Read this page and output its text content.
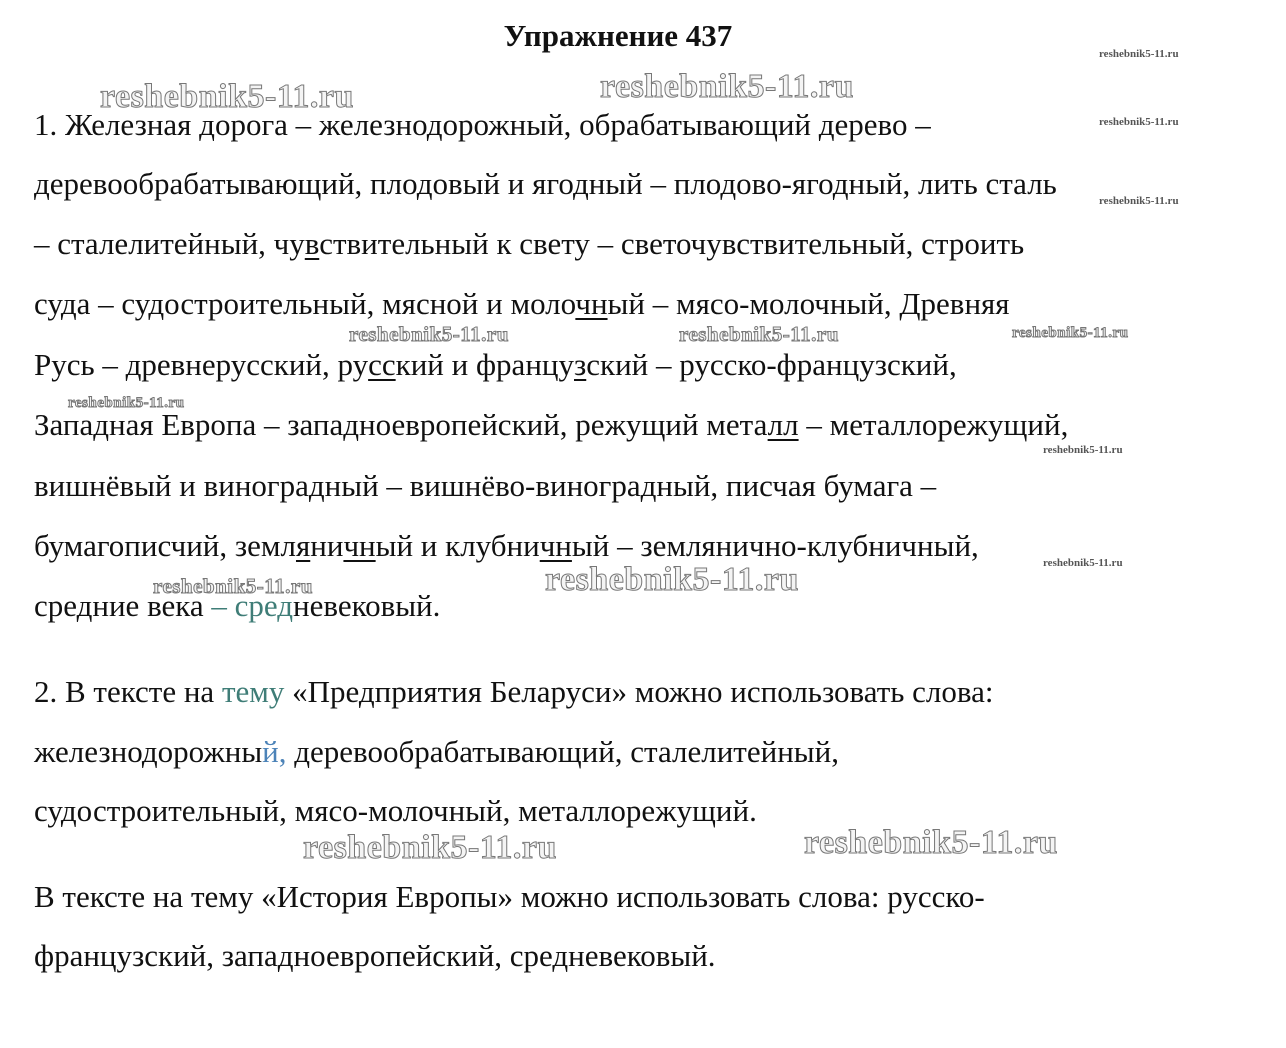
Упражнение 437
1. Железная дорога – железнодорожный, обрабатывающий дерево –
деревообрабатывающий, плодовый и ягодный – плодово-ягодный, лить сталь
– сталелитейный, чувствительный к свету – светочувствительный, строить
суда – судостроительный, мясной и молочный – мясо-молочный, Древняя
Русь – древнерусский, русский и французский – русско-французский,
Западная Европа – западноевропейский, режущий металл – металлорежущий,
вишнёвый и виноградный – вишнёво-виноградный, писчая бумага –
бумагописчий, земляничный и клубничный – землянично-клубничный,
средние века – средневековый.
2. В тексте на тему «Предприятия Беларуси» можно использовать слова:
железнодорожный, деревообрабатывающий, сталелитейный,
судостроительный, мясо-молочный, металлорежущий.
В тексте на тему «История Европы» можно использовать слова: русско-
французский, западноевропейский, средневековый.
reshebnik5-11.ru	reshebnik5-11.ru
reshebnik5-11.ru
reshebnik5-11.ru	reshebnik5-11.ru
reshebnik5-11.ru	reshebnik5-11.ru
reshebnik5-11.ru
reshebnik5-11.ru
reshebnik5-11.ru
reshebnik5-11.ru
reshebnik5-11.ru
reshebnik5-11.ru
reshebnik5-11.ru
reshebnik5-11.ru
